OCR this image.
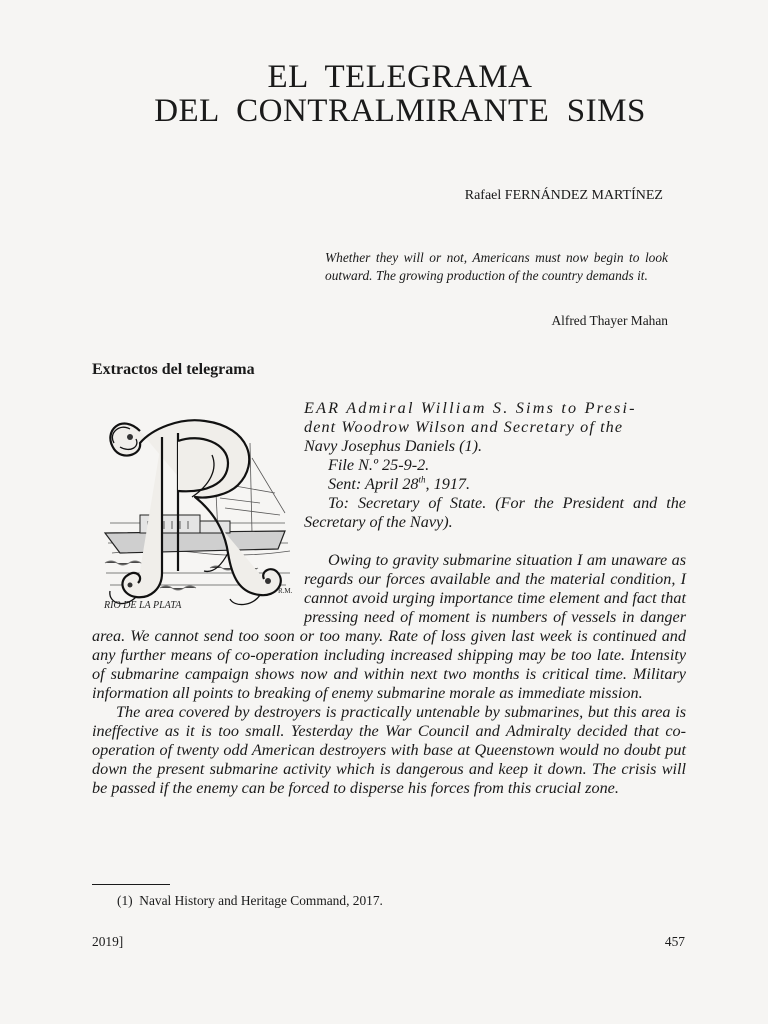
EL  TELEGRAMA
DEL  CONTRALMIRANTE  SIMS

Rafael FERNÁNDEZ MARTÍNEZ

Whether they will or not, Americans must now begin to look outward. The growing production of the country demands it.

Alfred Thayer Mahan

Extractos del telegrama

EAR Admiral William S. Sims to Presi-

dent Woodrow Wilson and Secretary of the

Navy Josephus Daniels (1).

File N.º 25-9-2.

Sent: April 28th, 1917.

To: Secretary of State. (For the President and the Secretary of the Navy).

Owing to gravity submarine situation I am unaware as regards our forces available and the material condition, I cannot avoid urging importance time element and fact that pressing need of moment is numbers of vessels in danger area. We cannot send too soon or too many. Rate of loss given last week is continued and any further means of co-operation including increased shipping may be too late. Intensity of submarine campaign shows now and within next two months is critical time. Military information all points to breaking of enemy submarine morale as immediate mission.

The area covered by destroyers is practically untenable by submarines, but this area is ineffective as it is too small. Yesterday the War Council and Admiralty decided that co-operation of twenty odd American destroyers with base at Queenstown would no doubt put down the present submarine activity which is dangerous and keep it down. The crisis will be passed if the enemy can be forced to disperse his forces from this crucial zone.

RIO DE LA PLATA
R.M.

(1)  Naval History and Heritage Command, 2017.

2019]	457
